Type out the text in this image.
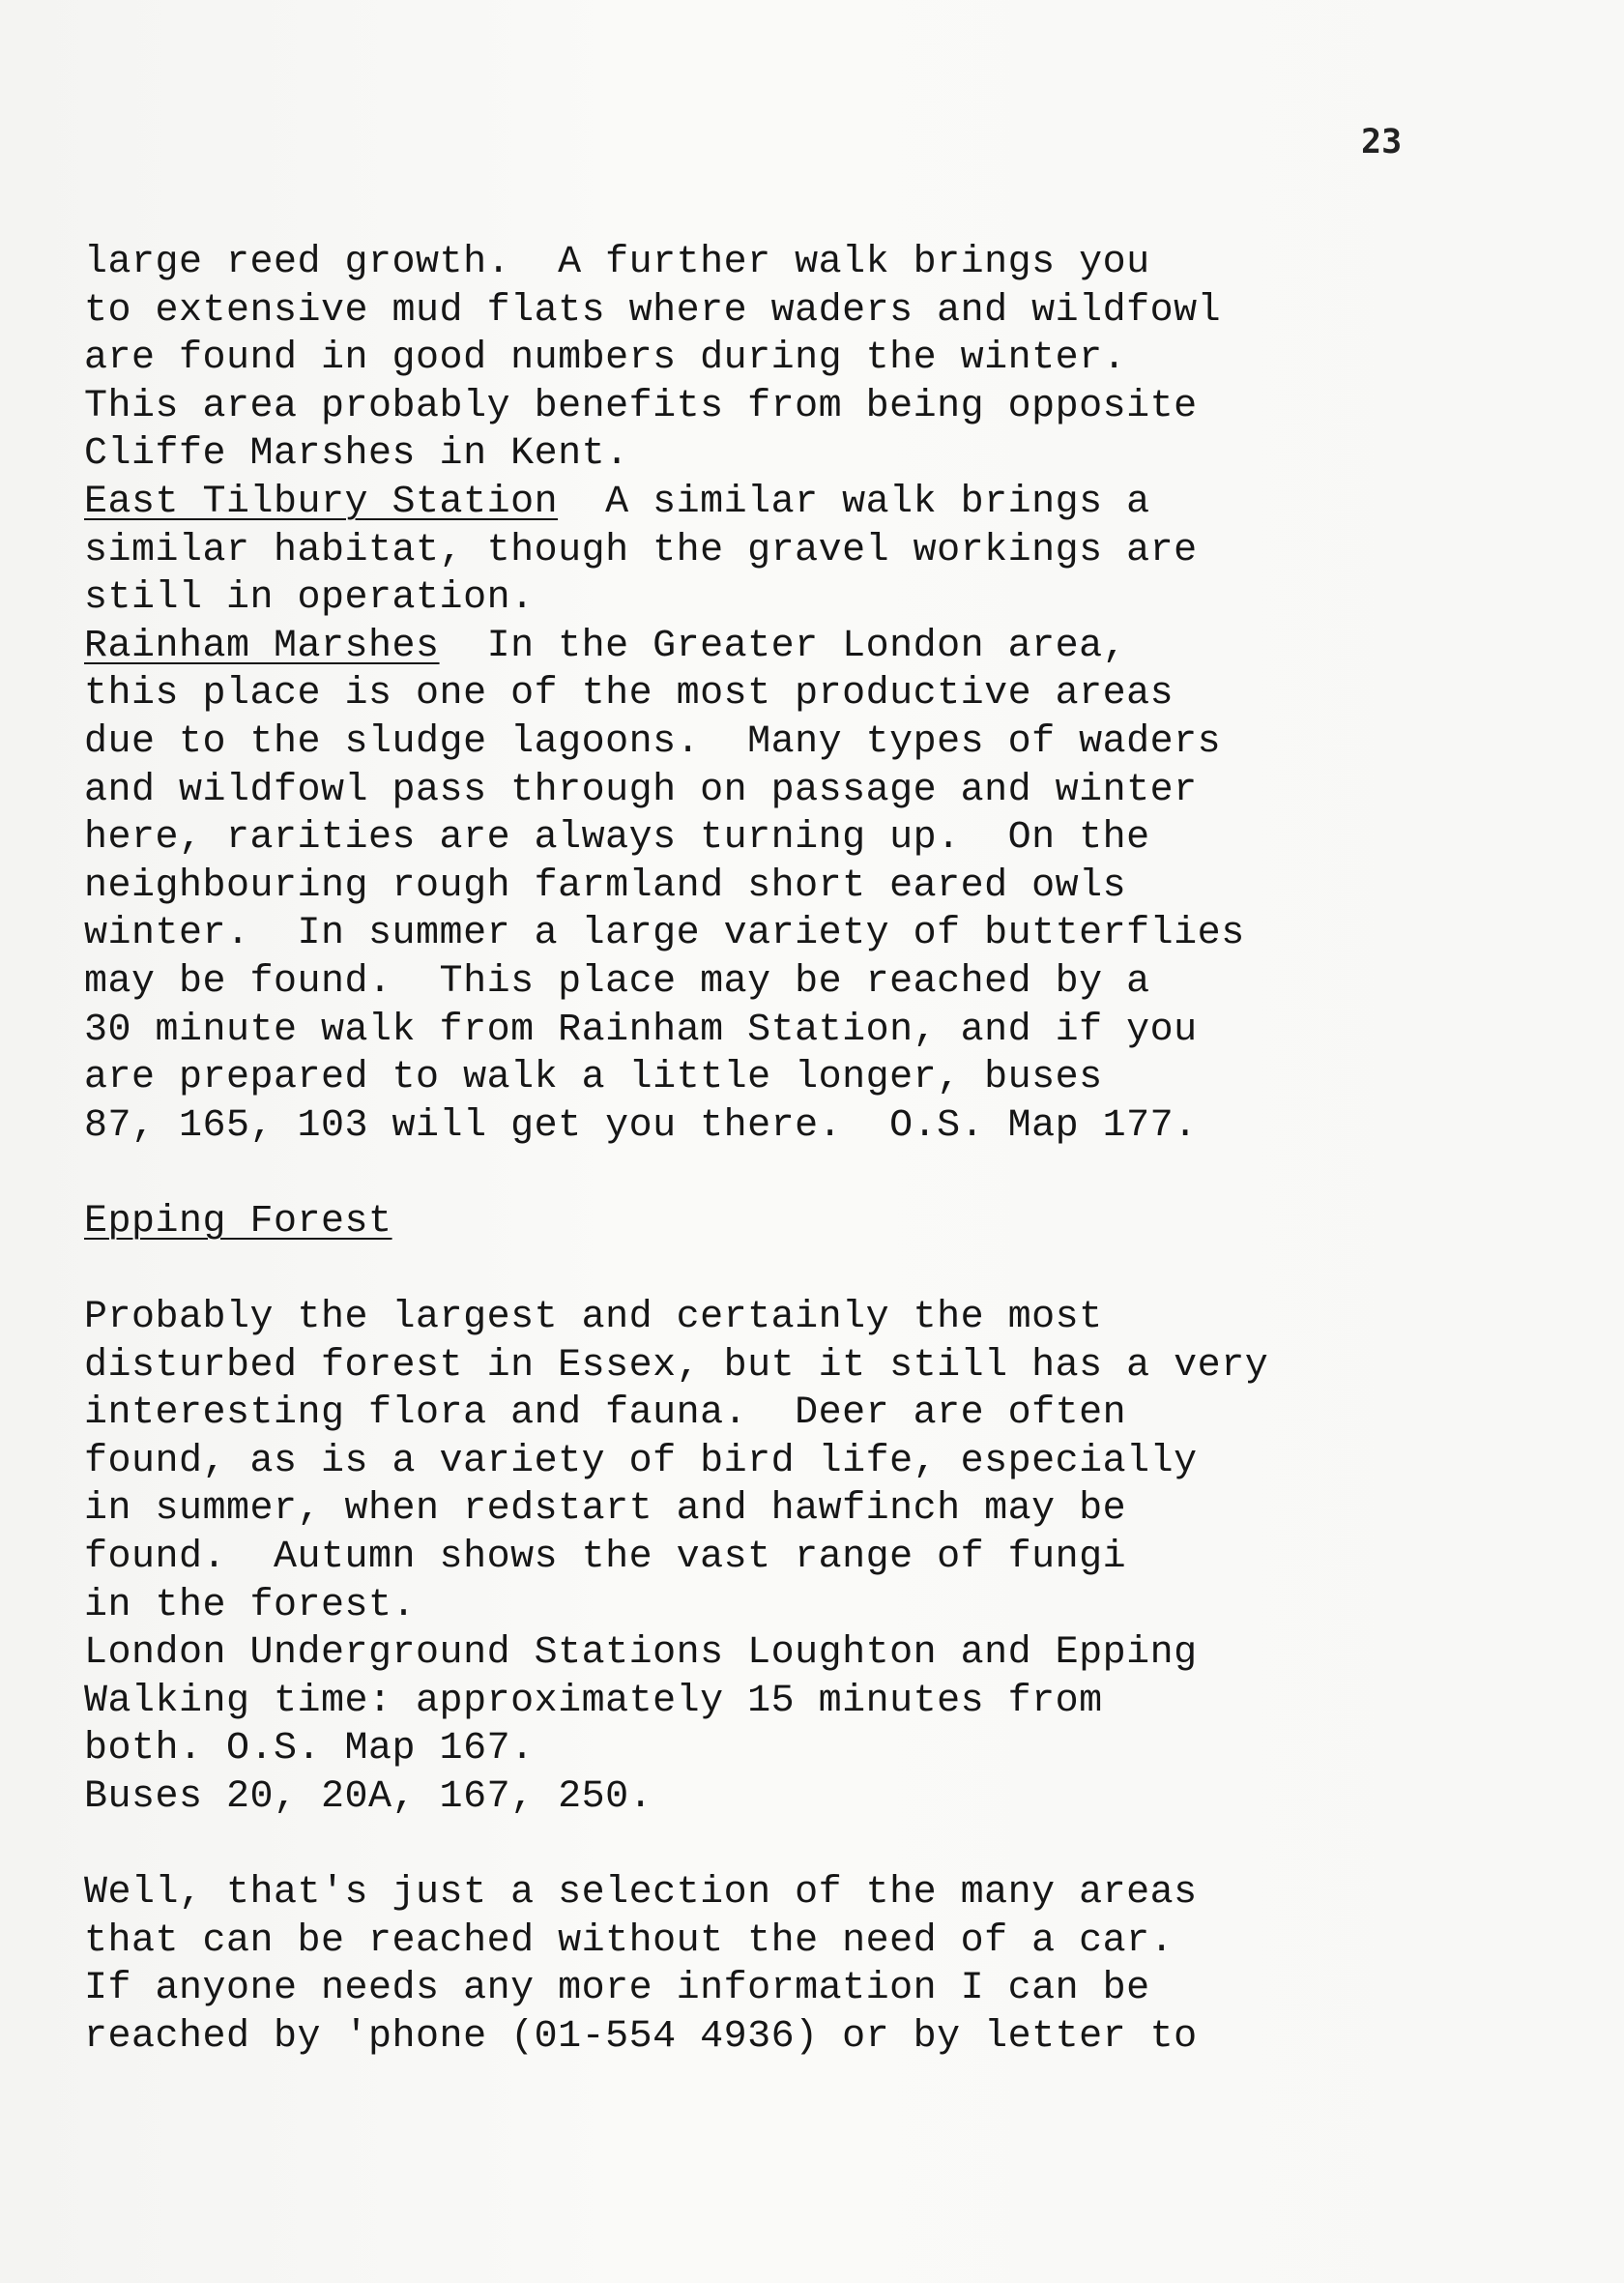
23
large reed growth.  A further walk brings you
to extensive mud flats where waders and wildfowl
are found in good numbers during the winter.
This area probably benefits from being opposite
Cliffe Marshes in Kent.
East Tilbury Station  A similar walk brings a
similar habitat, though the gravel workings are
still in operation.
Rainham Marshes  In the Greater London area,
this place is one of the most productive areas
due to the sludge lagoons.  Many types of waders
and wildfowl pass through on passage and winter
here, rarities are always turning up.  On the
neighbouring rough farmland short eared owls
winter.  In summer a large variety of butterflies
may be found.  This place may be reached by a
30 minute walk from Rainham Station, and if you
are prepared to walk a little longer, buses
87, 165, 103 will get you there.  O.S. Map 177.
Epping Forest
Probably the largest and certainly the most
disturbed forest in Essex, but it still has a very
interesting flora and fauna.  Deer are often
found, as is a variety of bird life, especially
in summer, when redstart and hawfinch may be
found.  Autumn shows the vast range of fungi
in the forest.
London Underground Stations Loughton and Epping
Walking time: approximately 15 minutes from
both. O.S. Map 167.
Buses 20, 20A, 167, 250.
Well, that's just a selection of the many areas
that can be reached without the need of a car.
If anyone needs any more information I can be
reached by 'phone (01-554 4936) or by letter to
